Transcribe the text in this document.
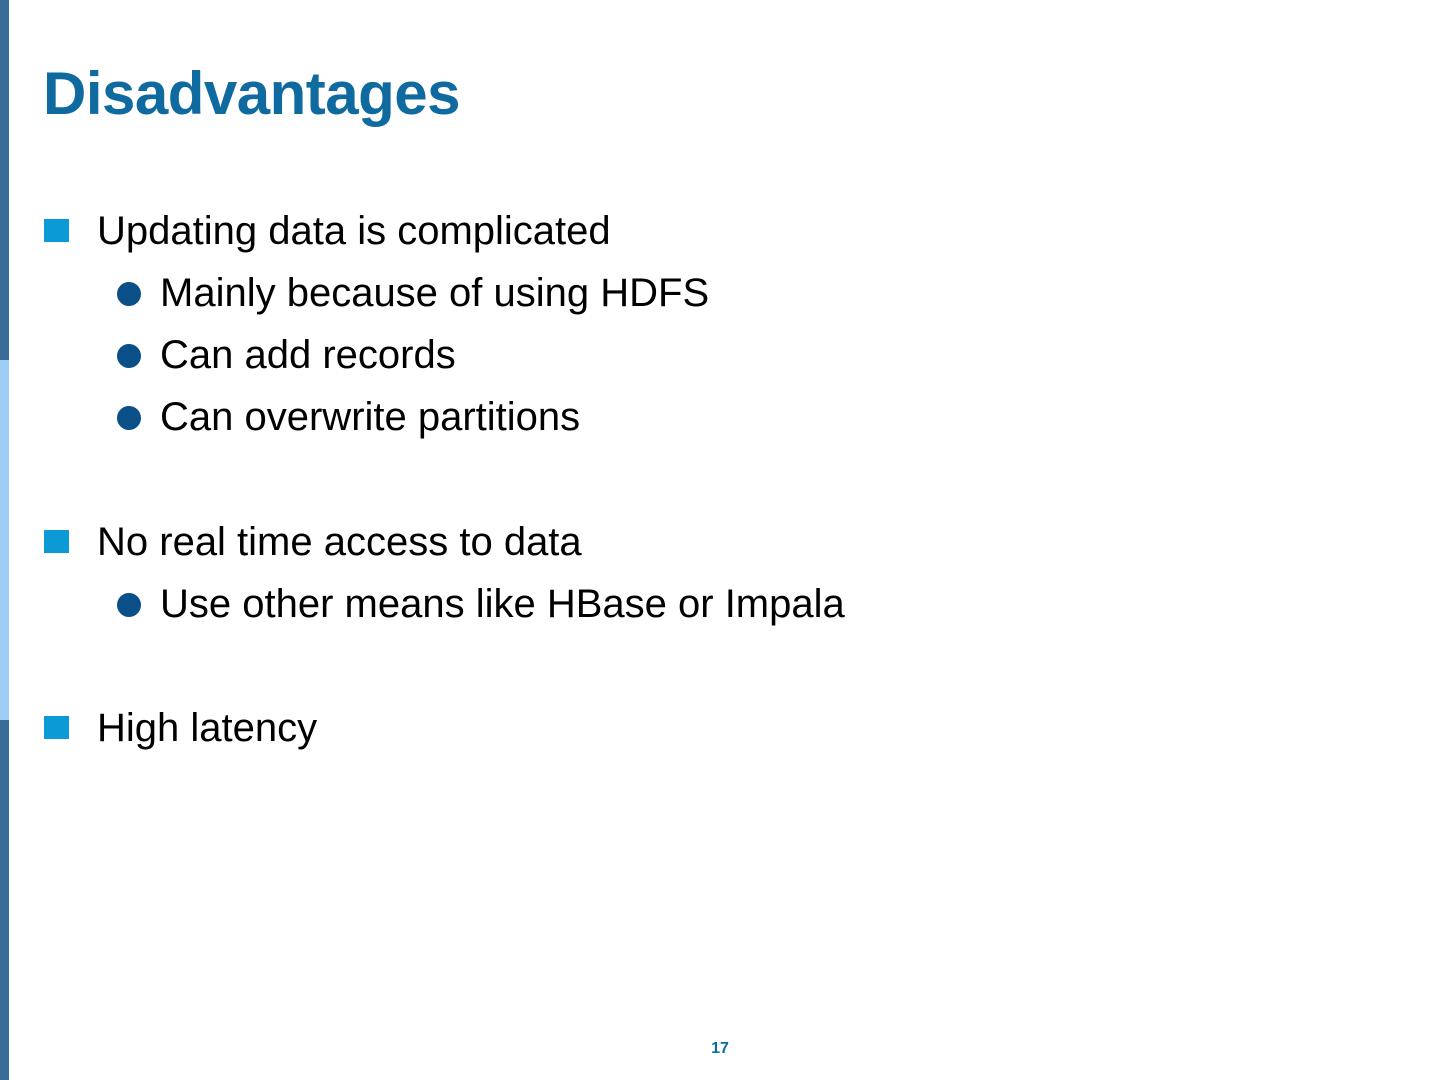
Disadvantages
Updating data is complicated
Mainly because of using HDFS
Can add records
Can overwrite partitions
No real time access to data
Use other means like HBase or Impala
High latency
17
